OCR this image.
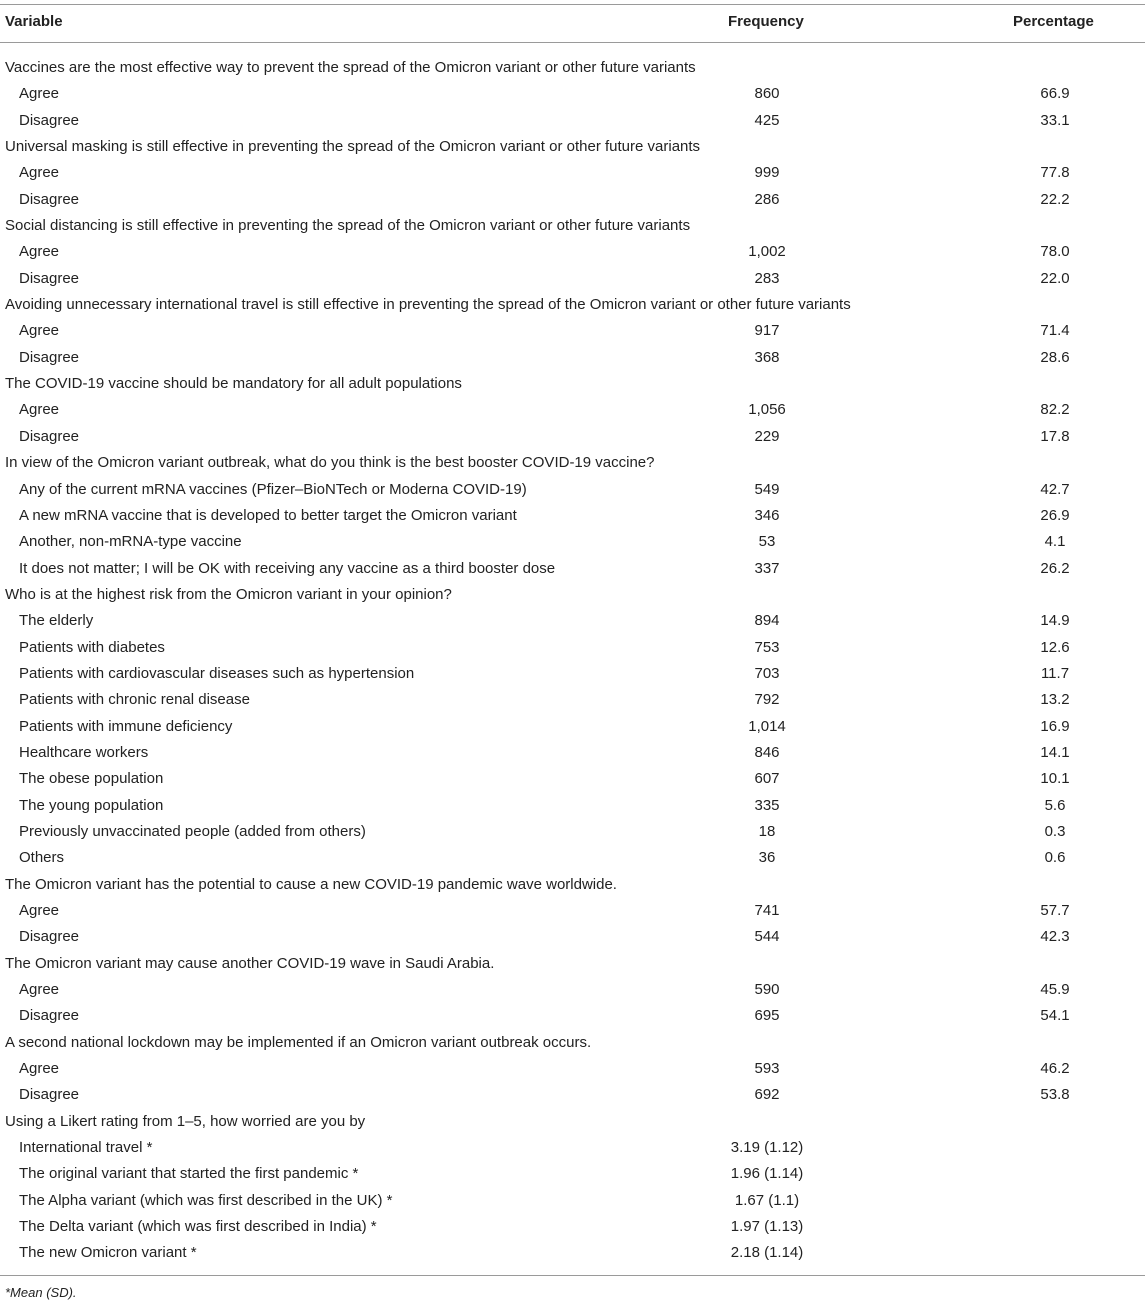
Variable	Frequency	Percentage
Vaccines are the most effective way to prevent the spread of the Omicron variant or other future variants
Agree	860	66.9
Disagree	425	33.1
Universal masking is still effective in preventing the spread of the Omicron variant or other future variants
Agree	999	77.8
Disagree	286	22.2
Social distancing is still effective in preventing the spread of the Omicron variant or other future variants
Agree	1,002	78.0
Disagree	283	22.0
Avoiding unnecessary international travel is still effective in preventing the spread of the Omicron variant or other future variants
Agree	917	71.4
Disagree	368	28.6
The COVID-19 vaccine should be mandatory for all adult populations
Agree	1,056	82.2
Disagree	229	17.8
In view of the Omicron variant outbreak, what do you think is the best booster COVID-19 vaccine?
Any of the current mRNA vaccines (Pfizer–BioNTech or Moderna COVID-19)	549	42.7
A new mRNA vaccine that is developed to better target the Omicron variant	346	26.9
Another, non-mRNA-type vaccine	53	4.1
It does not matter; I will be OK with receiving any vaccine as a third booster dose	337	26.2
Who is at the highest risk from the Omicron variant in your opinion?
The elderly	894	14.9
Patients with diabetes	753	12.6
Patients with cardiovascular diseases such as hypertension	703	11.7
Patients with chronic renal disease	792	13.2
Patients with immune deficiency	1,014	16.9
Healthcare workers	846	14.1
The obese population	607	10.1
The young population	335	5.6
Previously unvaccinated people (added from others)	18	0.3
Others	36	0.6
The Omicron variant has the potential to cause a new COVID-19 pandemic wave worldwide.
Agree	741	57.7
Disagree	544	42.3
The Omicron variant may cause another COVID-19 wave in Saudi Arabia.
Agree	590	45.9
Disagree	695	54.1
A second national lockdown may be implemented if an Omicron variant outbreak occurs.
Agree	593	46.2
Disagree	692	53.8
Using a Likert rating from 1–5, how worried are you by
International travel *	3.19 (1.12)
The original variant that started the first pandemic *	1.96 (1.14)
The Alpha variant (which was first described in the UK) *	1.67 (1.1)
The Delta variant (which was first described in India) *	1.97 (1.13)
The new Omicron variant *	2.18 (1.14)
*Mean (SD).
